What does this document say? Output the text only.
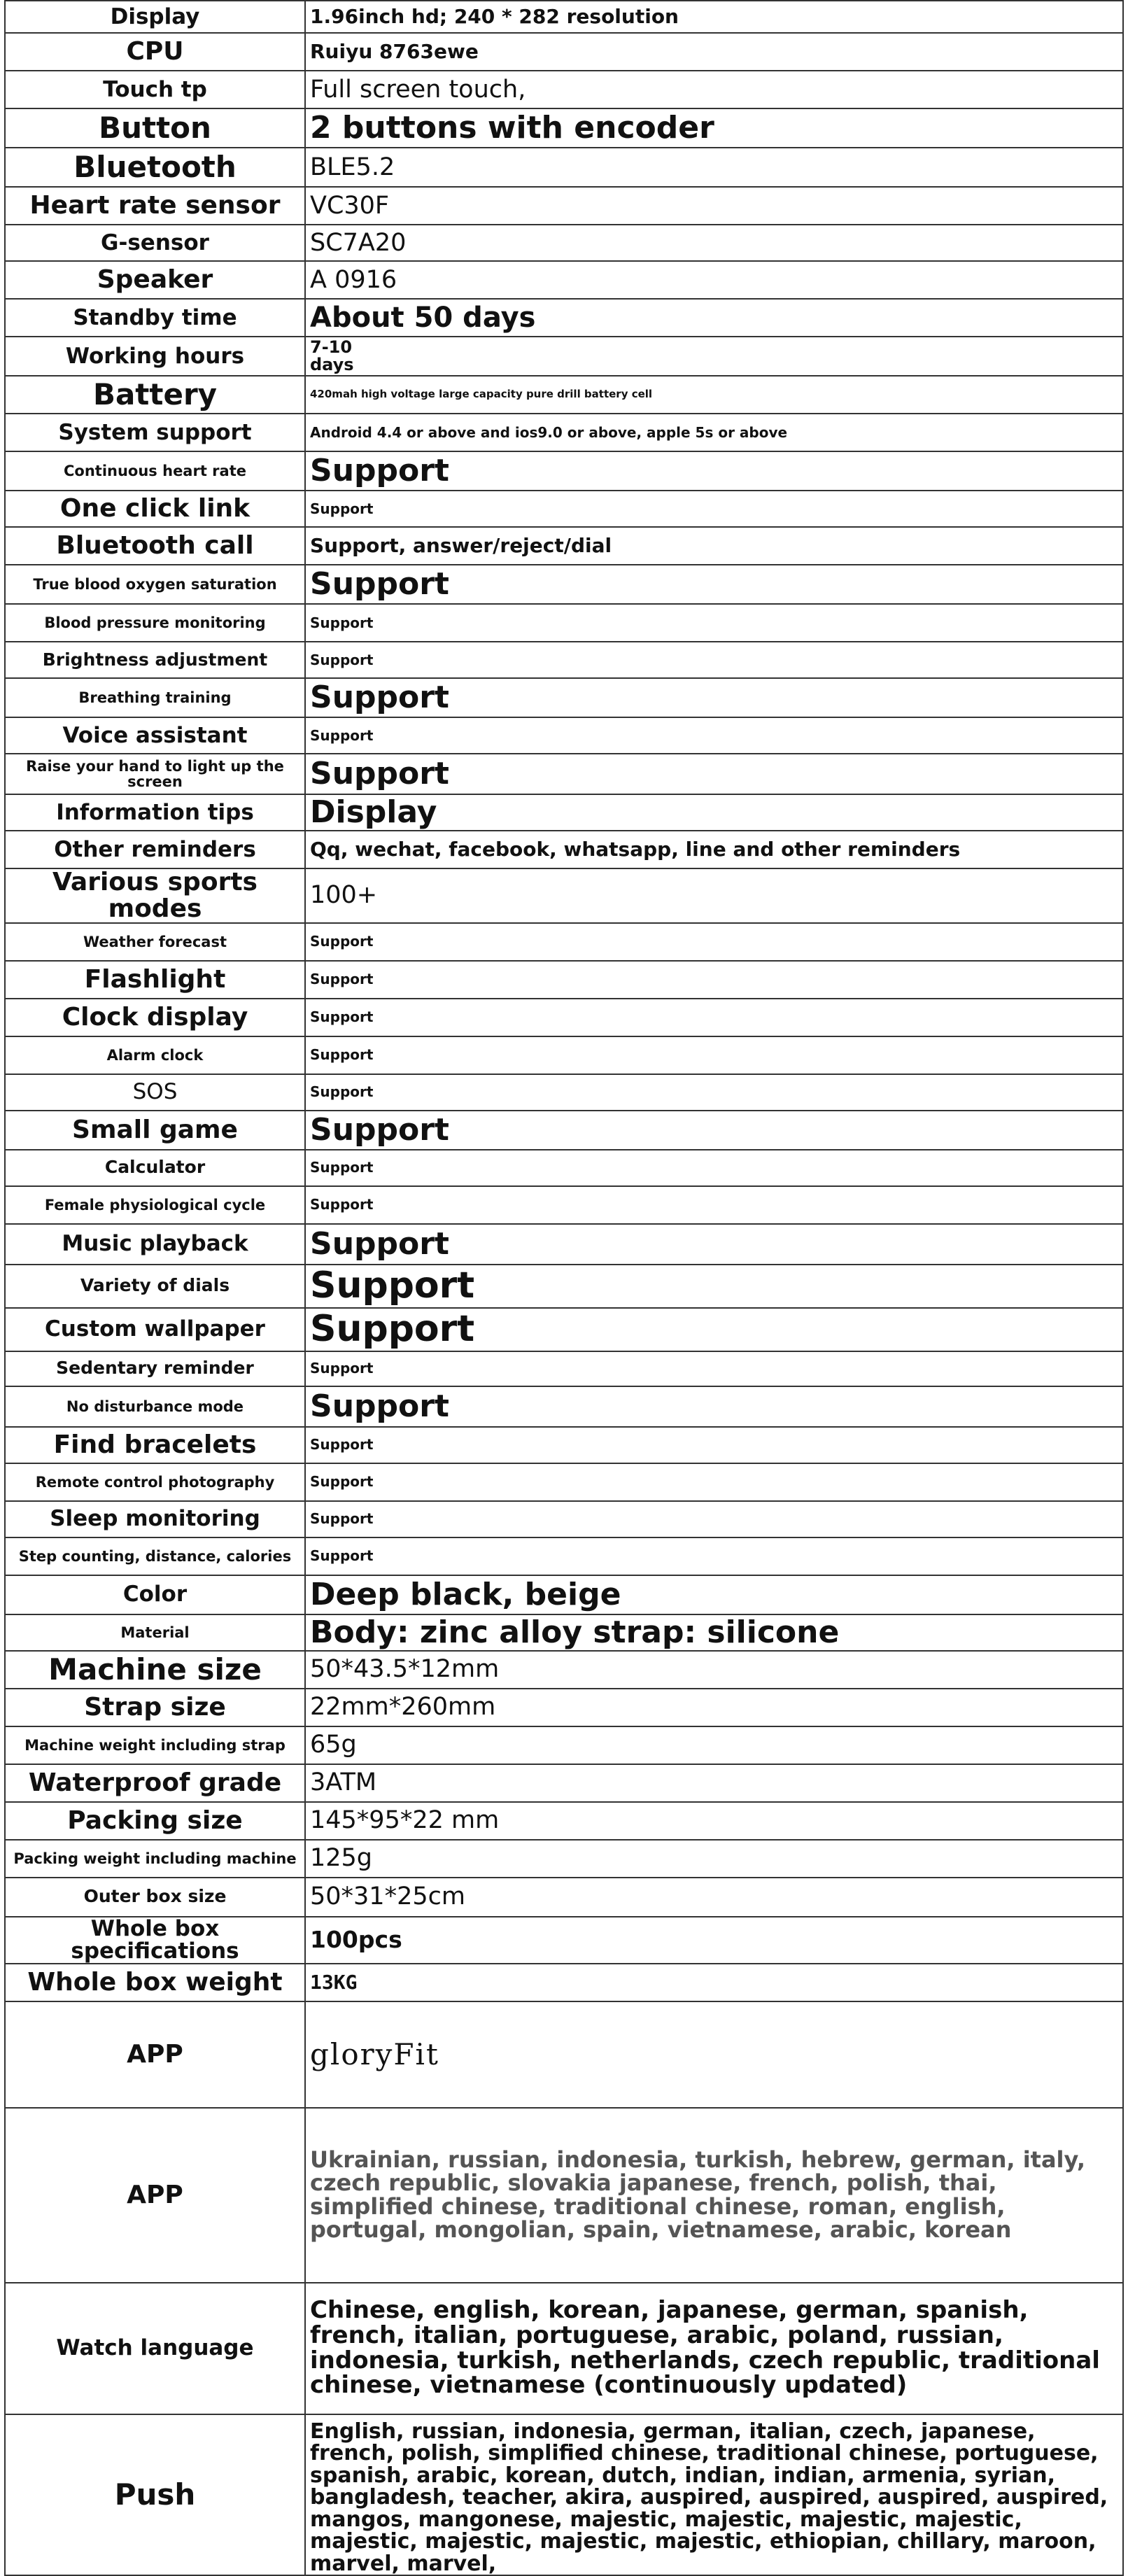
Display	1.96inch hd; 240 * 282 resolution
CPU	Ruiyu 8763ewe
Touch tp	Full screen touch,
Button	2 buttons with encoder
Bluetooth	BLE5.2
Heart rate sensor	VC30F
G-sensor	SC7A20
Speaker	A 0916
Standby time	About 50 days
Working hours	7-10 days

Battery	420mah high voltage large capacity pure drill battery cell
System support	Android 4.4 or above and ios9.0 or above, apple 5s or above
Continuous heart rate	Support
One click link	Support
Bluetooth call	Support, answer/reject/dial
True blood oxygen saturation	Support
Blood pressure monitoring	Support
Brightness adjustment	Support
Breathing training	Support
Voice assistant	Support
Raise your hand to light up the screen	Support
Information tips	Display
Other reminders	Qq, wechat, facebook, whatsapp, line and other reminders
Various sports modes	100+
Weather forecast	Support
Flashlight	Support
Clock display	Support
Alarm clock	Support
SOS	Support
Small game	Support
Calculator	Support
Female physiological cycle	Support
Music playback	Support
Variety of dials	Support
Custom wallpaper	Support
Sedentary reminder	Support
No disturbance mode	Support
Find bracelets	Support
Remote control photography	Support
Sleep monitoring	Support
Step counting, distance, calories	Support
Color	Deep black, beige
Material	Body: zinc alloy strap: silicone
Machine size	50*43.5*12mm
Strap size	22mm*260mm
Machine weight including strap	65g
Waterproof grade	3ATM
Packing size	145*95*22 mm
Packing weight including machine	125g
Outer box size	50*31*25cm
Whole box specifications	100pcs
Whole box weight	13KG
APP	gloryFit
APP	Ukrainian, russian, indonesia, turkish, hebrew, german, italy, czech republic, slovakia japanese, french, polish, thai, simplified chinese, traditional chinese, roman, english, portugal, mongolian, spain, vietnamese, arabic, korean
Watch language	Chinese, english, korean, japanese, german, spanish, french, italian, portuguese, arabic, poland, russian, indonesia, turkish, netherlands, czech republic, traditional chinese, vietnamese (continuously updated)
Push	English, russian, indonesia, german, italian, czech, japanese, french, polish, simplified chinese, traditional chinese, portuguese, spanish, arabic, korean, dutch, indian, indian, armenia, syrian, bangladesh, teacher, akira, auspired, auspired, auspired, auspired, mangos, mangonese, majestic, majestic, majestic, majestic, majestic, majestic, majestic, majestic, ethiopian, chillary, maroon, marvel, marvel,
